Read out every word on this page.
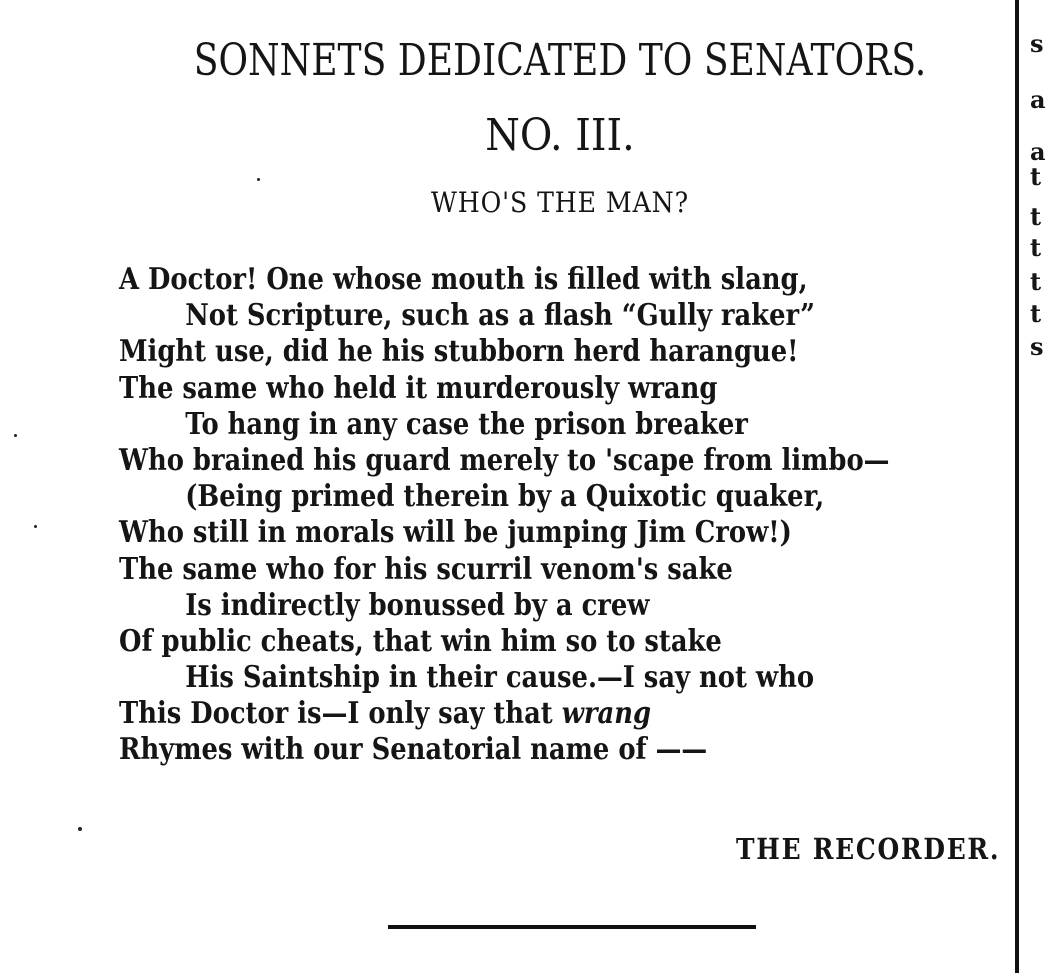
SONNETS DEDICATED TO SENATORS.
NO. III.
WHO'S THE MAN?
A Doctor! One whose mouth is filled with slang,
Not Scripture, such as a flash “Gully raker”
Might use, did he his stubborn herd harangue!
The same who held it murderously wrang
To hang in any case the prison breaker
Who brained his guard merely to 'scape from limbo—
(Being primed therein by a Quixotic quaker,
Who still in morals will be jumping Jim Crow!)
The same who for his scurril venom's sake
Is indirectly bonussed by a crew
Of public cheats, that win him so to stake
His Saintship in their cause.—I say not who
This Doctor is—I only say that wrang
Rhymes with our Senatorial name of ——

THE RECORDER.

s
a
a
t
t
t
t
t
s
